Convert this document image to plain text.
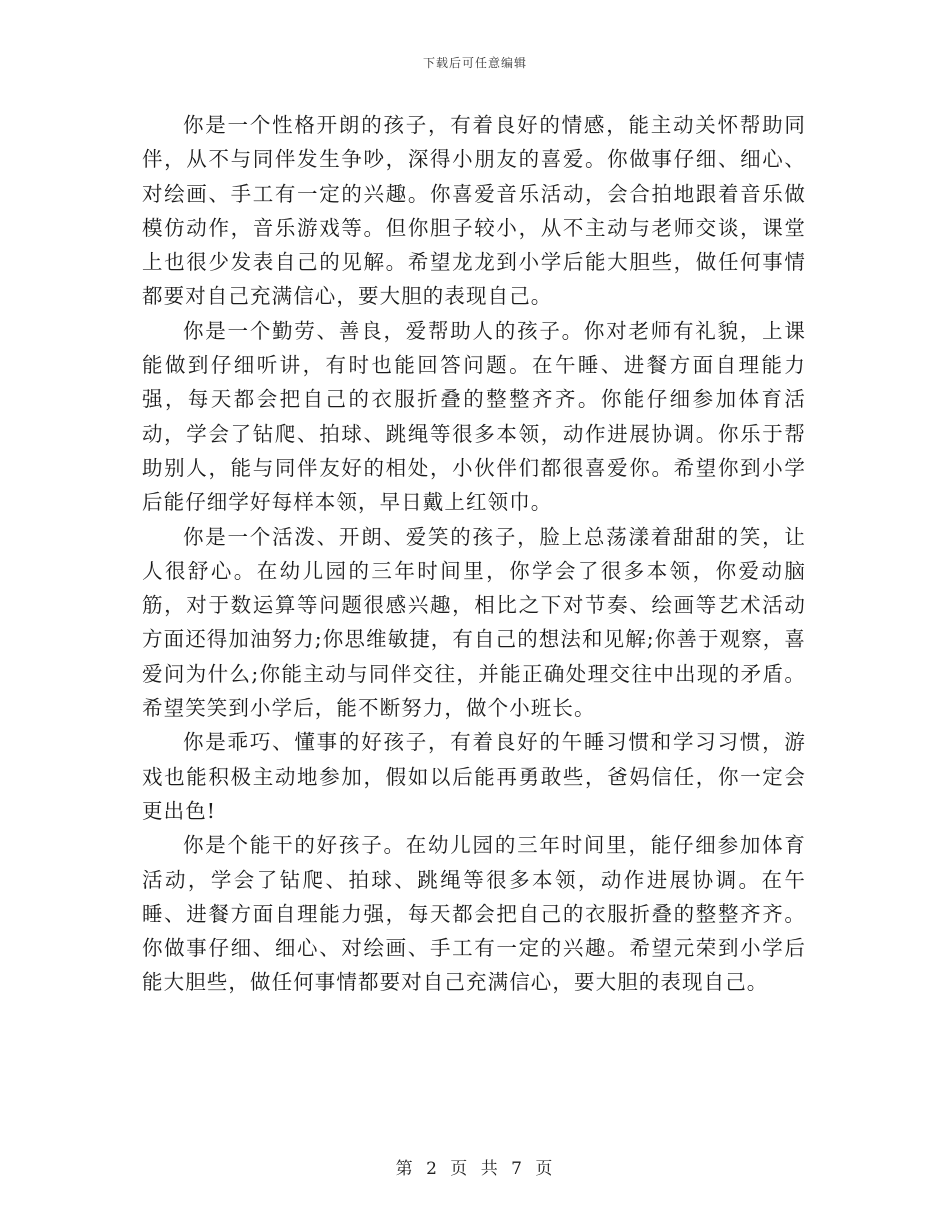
下载后可任意编辑

你是一个性格开朗的孩子，有着良好的情感，能主动关怀帮助同伴，从不与同伴发生争吵，深得小朋友的喜爱。你做事仔细、细心、对绘画、手工有一定的兴趣。你喜爱音乐活动，会合拍地跟着音乐做模仿动作，音乐游戏等。但你胆子较小，从不主动与老师交谈，课堂上也很少发表自己的见解。希望龙龙到小学后能大胆些，做任何事情都要对自己充满信心，要大胆的表现自己。

你是一个勤劳、善良，爱帮助人的孩子。你对老师有礼貌，上课能做到仔细听讲，有时也能回答问题。在午睡、进餐方面自理能力强，每天都会把自己的衣服折叠的整整齐齐。你能仔细参加体育活动，学会了钻爬、拍球、跳绳等很多本领，动作进展协调。你乐于帮助别人，能与同伴友好的相处，小伙伴们都很喜爱你。希望你到小学后能仔细学好每样本领，早日戴上红领巾。

你是一个活泼、开朗、爱笑的孩子，脸上总荡漾着甜甜的笑，让人很舒心。在幼儿园的三年时间里，你学会了很多本领，你爱动脑筋，对于数运算等问题很感兴趣，相比之下对节奏、绘画等艺术活动方面还得加油努力;你思维敏捷，有自己的想法和见解;你善于观察，喜爱问为什么;你能主动与同伴交往，并能正确处理交往中出现的矛盾。希望笑笑到小学后，能不断努力，做个小班长。

你是乖巧、懂事的好孩子，有着良好的午睡习惯和学习习惯，游戏也能积极主动地参加，假如以后能再勇敢些，爸妈信任，你一定会更出色!

你是个能干的好孩子。在幼儿园的三年时间里，能仔细参加体育活动，学会了钻爬、拍球、跳绳等很多本领，动作进展协调。在午睡、进餐方面自理能力强，每天都会把自己的衣服折叠的整整齐齐。你做事仔细、细心、对绘画、手工有一定的兴趣。希望元荣到小学后能大胆些，做任何事情都要对自己充满信心，要大胆的表现自己。

第 2 页 共 7 页
